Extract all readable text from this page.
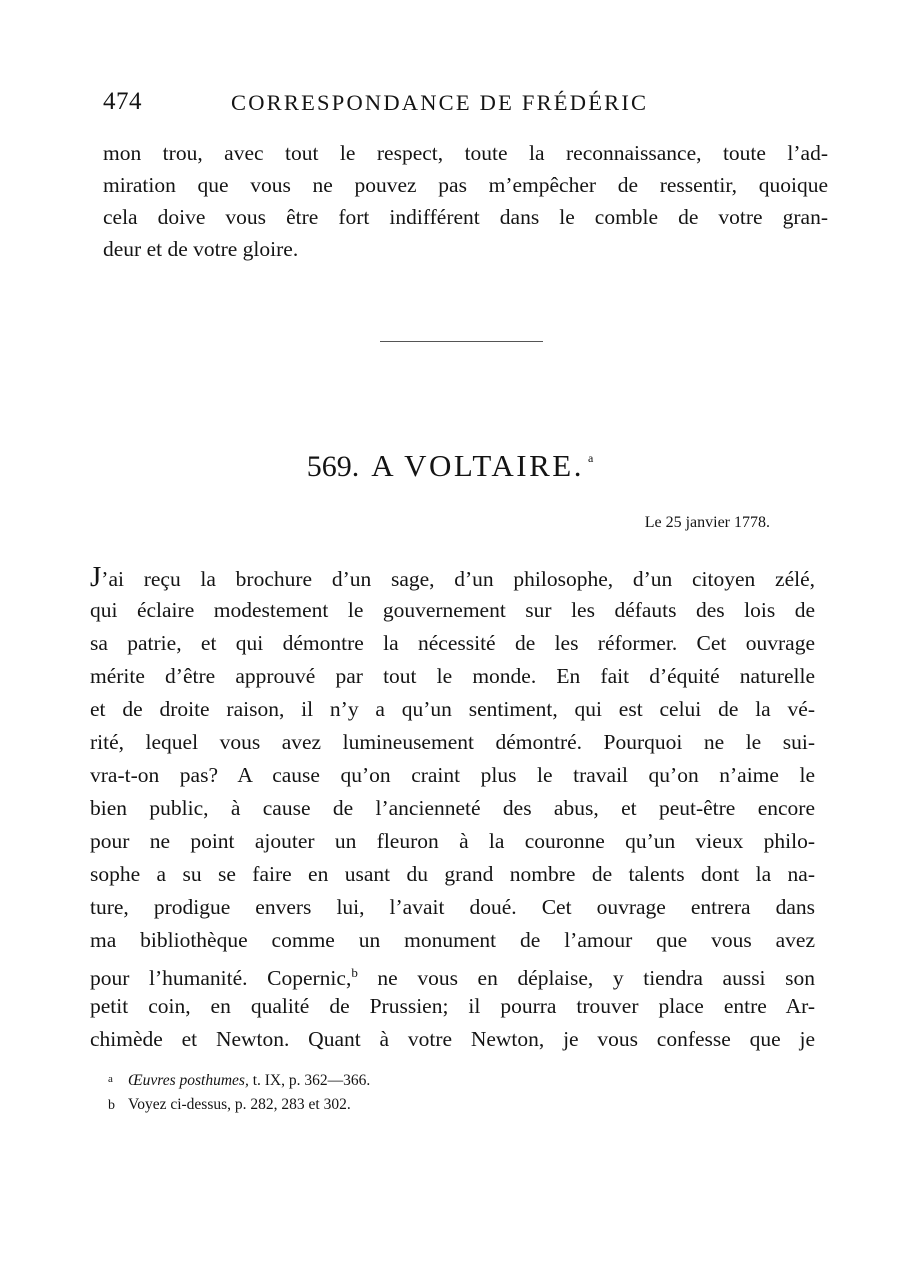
474	CORRESPONDANCE DE FRÉDÉRIC
mon trou, avec tout le respect, toute la reconnaissance, toute l’ad-
miration que vous ne pouvez pas m’empêcher de ressentir, quoique
cela doive vous être fort indifférent dans le comble de votre gran-
deur et de votre gloire.
569. A VOLTAIRE. $^a$
Le 25 janvier 1778.
J’ai reçu la brochure d’un sage, d’un philosophe, d’un citoyen zélé,
qui éclaire modestement le gouvernement sur les défauts des lois de
sa patrie, et qui démontre la nécessité de les réformer. Cet ouvrage
mérite d’être approuvé par tout le monde. En fait d’équité naturelle
et de droite raison, il n’y a qu’un sentiment, qui est celui de la vé-
rité, lequel vous avez lumineusement démontré. Pourquoi ne le sui-
vra-t-on pas? A cause qu’on craint plus le travail qu’on n’aime le
bien public, à cause de l’ancienneté des abus, et peut-être encore
pour ne point ajouter un fleuron à la couronne qu’un vieux philo-
sophe a su se faire en usant du grand nombre de talents dont la na-
ture, prodigue envers lui, l’avait doué. Cet ouvrage entrera dans
ma bibliothèque comme un monument de l’amour que vous avez
pour l’humanité. Copernic,$^b$ ne vous en déplaise, y tiendra aussi son
petit coin, en qualité de Prussien; il pourra trouver place entre Ar-
chimède et Newton. Quant à votre Newton, je vous confesse que je
a Œuvres posthumes, t. IX, p. 362—366.
b Voyez ci-dessus, p. 282, 283 et 302.
